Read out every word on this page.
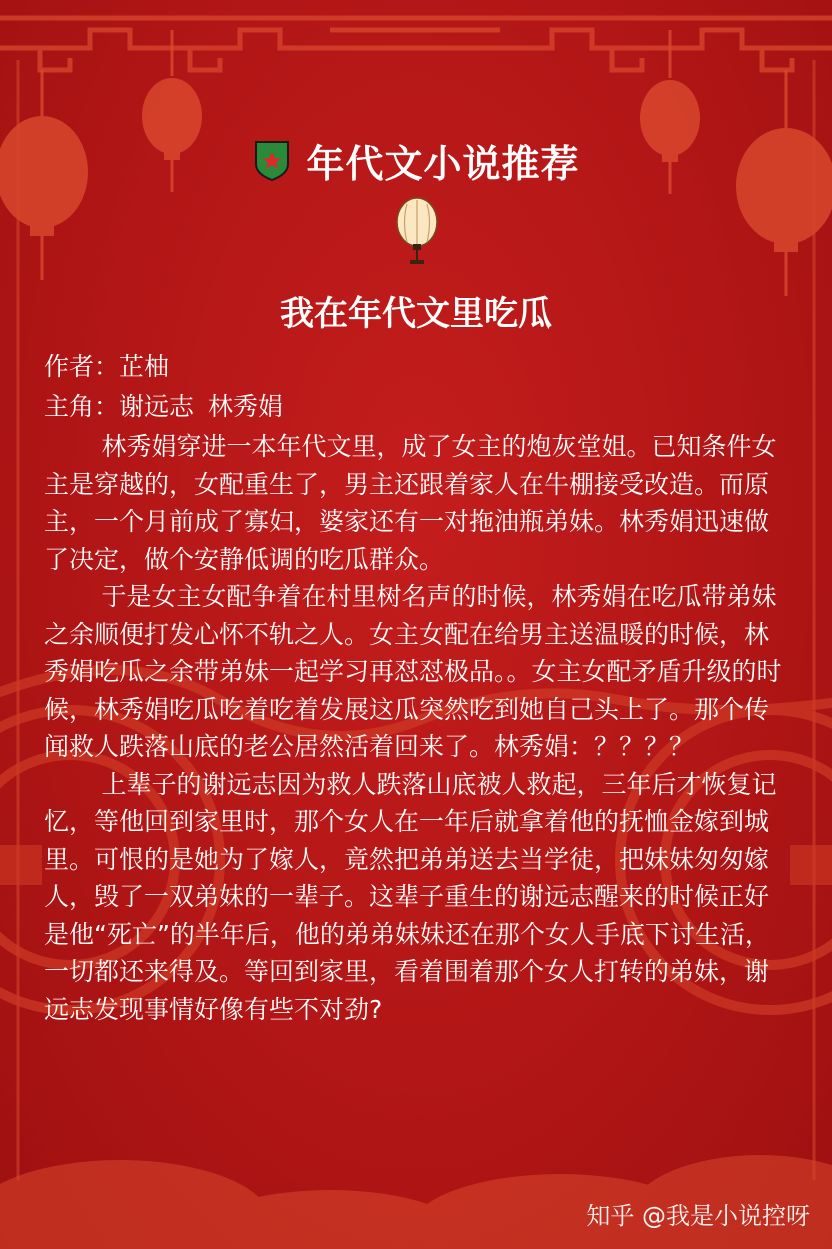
年代文小说推荐
我在年代文里吃瓜
作者：芷柚
主角：谢远志 林秀娟

林秀娟穿进一本年代文里，成了女主的炮灰堂姐。已知条件女主是穿越的，女配重生了，男主还跟着家人在牛棚接受改造。而原主，一个月前成了寡妇，婆家还有一对拖油瓶弟妹。林秀娟迅速做了决定，做个安静低调的吃瓜群众。

于是女主女配争着在村里树名声的时候，林秀娟在吃瓜带弟妹之余顺便打发心怀不轨之人。女主女配在给男主送温暖的时候，林秀娟吃瓜之余带弟妹一起学习再怼怼极品。。女主女配矛盾升级的时候，林秀娟吃瓜吃着吃着发展这瓜突然吃到她自己头上了。那个传闻救人跌落山底的老公居然活着回来了。林秀娟：？？？？

上辈子的谢远志因为救人跌落山底被人救起，三年后才恢复记忆，等他回到家里时，那个女人在一年后就拿着他的抚恤金嫁到城里。可恨的是她为了嫁人，竟然把弟弟送去当学徒，把妹妹匆匆嫁人，毁了一双弟妹的一辈子。这辈子重生的谢远志醒来的时候正好是他“死亡”的半年后，他的弟弟妹妹还在那个女人手底下讨生活，一切都还来得及。等回到家里，看着围着那个女人打转的弟妹，谢远志发现事情好像有些不对劲?

知乎 @我是小说控呀
